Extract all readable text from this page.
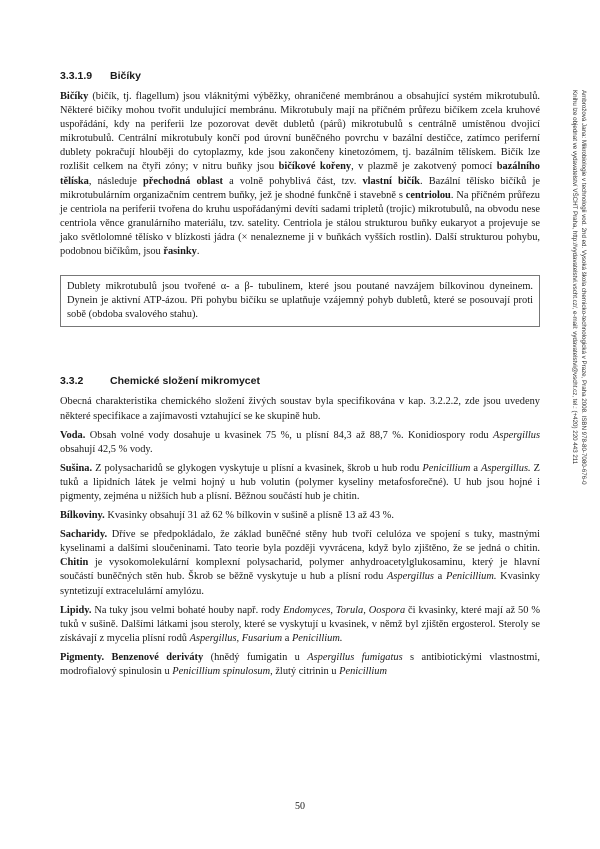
3.3.1.9 Bičíky

Bičíky (bičík, tj. flagellum) jsou vláknitými výběžky, ohraničené membránou a obsahující systém mikrotubulů. Některé bičíky mohou tvořit undulující membránu. Mikrotubuly mají na příčném průřezu bičíkem zcela kruhové uspořádání, kdy na periferii lze pozorovat devět dubletů (párů) mikrotubulů s centrálně umístěnou dvojicí mikrotubulů. Centrální mikrotubuly končí pod úrovní buněčného povrchu v bazální destičce, zatímco periferní dublety pokračují hlouběji do cytoplazmy, kde jsou zakončeny kinetozómem, tj. bazálním tělískem. Bičík lze rozlišit celkem na čtyři zóny; v nitru buňky jsou bičíkové kořeny, v plazmě je zakotvený pomocí bazálního tělíska, následuje přechodná oblast a volně pohyblivá část, tzv. vlastní bičík. Bazální tělísko bičíků je mikrotubulárním organizačním centrem buňky, jež je shodné funkčně i stavebně s centriolou. Na příčném průřezu je centriola na periferii tvořena do kruhu uspořádanými devíti sadami tripletů (trojic) mikrotubulů, na obvodu nese centriola věnce granulárního materiálu, tzv. satelity. Centriola je stálou strukturou buňky eukaryot a projevuje se jako světlolomné tělísko v blízkosti jádra (× nenalezneme ji v buňkách vyšších rostlin). Další strukturou pohybu, podobnou bičíkům, jsou řasinky.

Dublety mikrotubulů jsou tvořené α- a β- tubulinem, které jsou poutané navzájem bílkovinou dyneinem. Dynein je aktivní ATP-ázou. Při pohybu bičíku se uplatňuje vzájemný pohyb dubletů, které se posouvají proti sobě (obdoba svalového stahu).
3.3.2	Chemické složení mikromycet

Obecná charakteristika chemického složení živých soustav byla specifikována v kap. 3.2.2.2, zde jsou uvedeny některé specifikace a zajímavosti vztahující se ke skupině hub.

Voda. Obsah volné vody dosahuje u kvasinek 75 %, u plísní 84,3 až 88,7 %. Konidiospory rodu Aspergillus obsahují 42,5 % vody.

Sušina. Z polysacharidů se glykogen vyskytuje u plísní a kvasinek, škrob u hub rodu Penicillium a Aspergillus. Z tuků a lipidních látek je velmi hojný u hub volutin (polymer kyseliny metafosforečné). U hub jsou hojné i pigmenty, zejména u nižších hub a plísní. Běžnou součástí hub je chitin.

Bílkoviny. Kvasinky obsahují 31 až 62 % bílkovin v sušině a plísně 13 až 43 %.

Sacharidy. Dříve se předpokládalo, že základ buněčné stěny hub tvoří celulóza ve spojení s tuky, mastnými kyselinami a dalšími sloučeninami. Tato teorie byla později vyvrácena, když bylo zjištěno, že se jedná o chitin. Chitin je vysokomolekulární komplexní polysacharid, polymer anhydroacetylglukosaminu, který je hlavní součástí buněčných stěn hub. Škrob se běžně vyskytuje u hub a plísní rodu Aspergillus a Penicillium. Kvasinky syntetizují extracelulární amylózu.

Lipidy. Na tuky jsou velmi bohaté houby např. rody Endomyces, Torula, Oospora či kvasinky, které mají až 50 % tuků v sušině. Dalšími látkami jsou steroly, které se vyskytují u kvasinek, v němž byl zjištěn ergosterol. Steroly se získávají z mycelia plísní rodů Aspergillus, Fusarium a Penicillium.

Pigmenty. Benzenové deriváty (hnědý fumigatin u Aspergillus fumigatus s antibiotickými vlastnostmi, modrofialový spinulosin u Penicillium spinulosum, žlutý citrinin u Penicillium

Ambrožová Jana: Mikrobiologie v technologii vod. 2nd ed. Vysoká škola chemicko-technologická v Praze, Praha 2008. ISBN 978-80-7080-676-0
Knihu lze objednat ve vydavatelství VŠCHT Praha, http://vydavatelstvi.vscht.cz/, e-mail: vydavatelstvi@vscht.cz, tel.: (+420) 220 443 211
50
